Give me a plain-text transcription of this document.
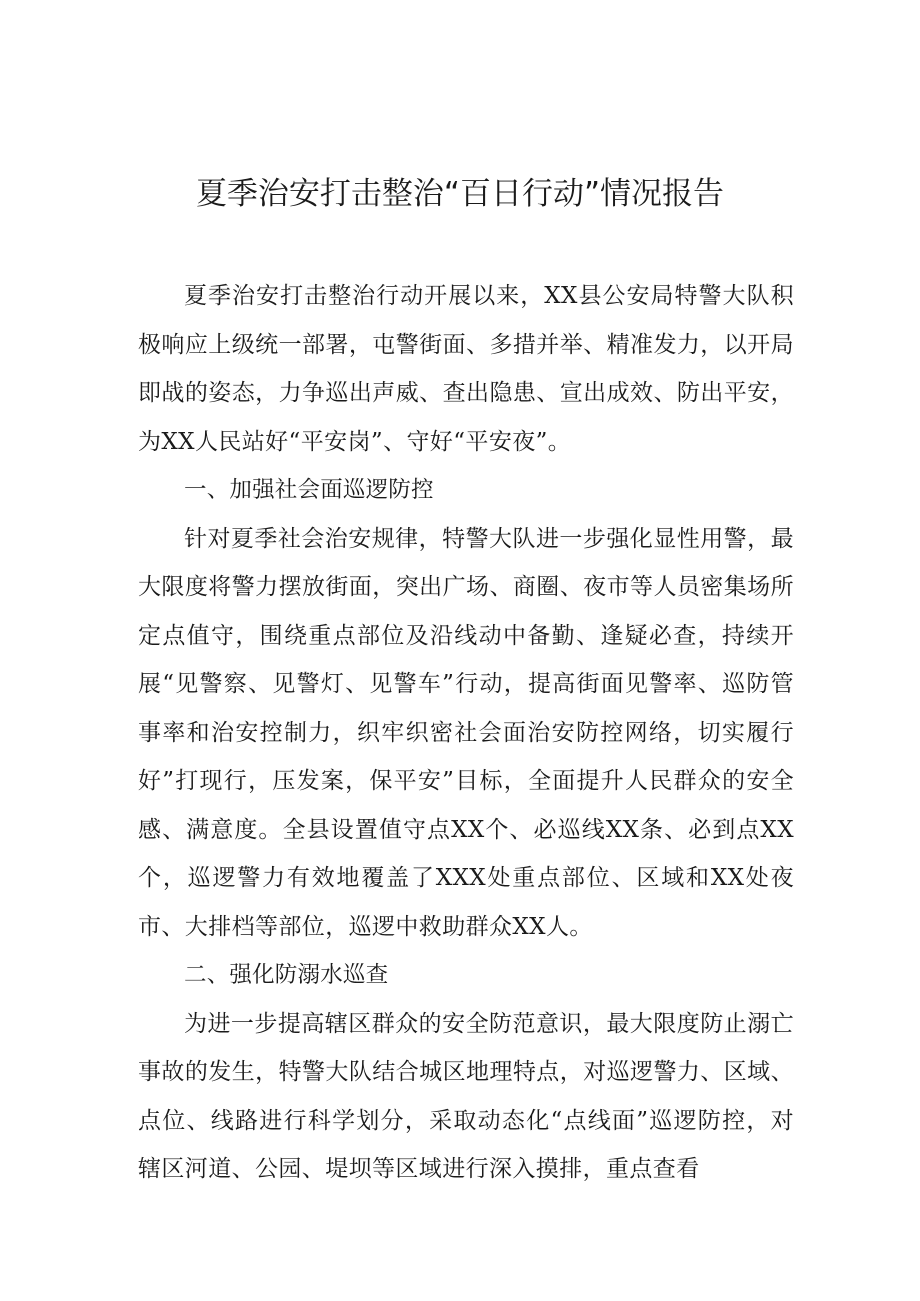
夏季治安打击整治“百日行动”情况报告

夏季治安打击整治行动开展以来，XX县公安局特警大队积极响应上级统一部署，屯警街面、多措并举、精准发力，以开局即战的姿态，力争巡出声威、查出隐患、宣出成效、防出平安，为XX人民站好“平安岗”、守好“平安夜”。

一、加强社会面巡逻防控

针对夏季社会治安规律，特警大队进一步强化显性用警，最大限度将警力摆放街面，突出广场、商圈、夜市等人员密集场所定点值守，围绕重点部位及沿线动中备勤、逢疑必查，持续开展“见警察、见警灯、见警车”行动，提高街面见警率、巡防管事率和治安控制力，织牢织密社会面治安防控网络，切实履行好”打现行，压发案，保平安”目标，全面提升人民群众的安全感、满意度。全县设置值守点XX个、必巡线XX条、必到点XX个，巡逻警力有效地覆盖了XXX处重点部位、区域和XX处夜市、大排档等部位，巡逻中救助群众XX人。

二、强化防溺水巡查

为进一步提高辖区群众的安全防范意识，最大限度防止溺亡事故的发生，特警大队结合城区地理特点，对巡逻警力、区域、点位、线路进行科学划分，采取动态化“点线面”巡逻防控，对辖区河道、公园、堤坝等区域进行深入摸排，重点查看
